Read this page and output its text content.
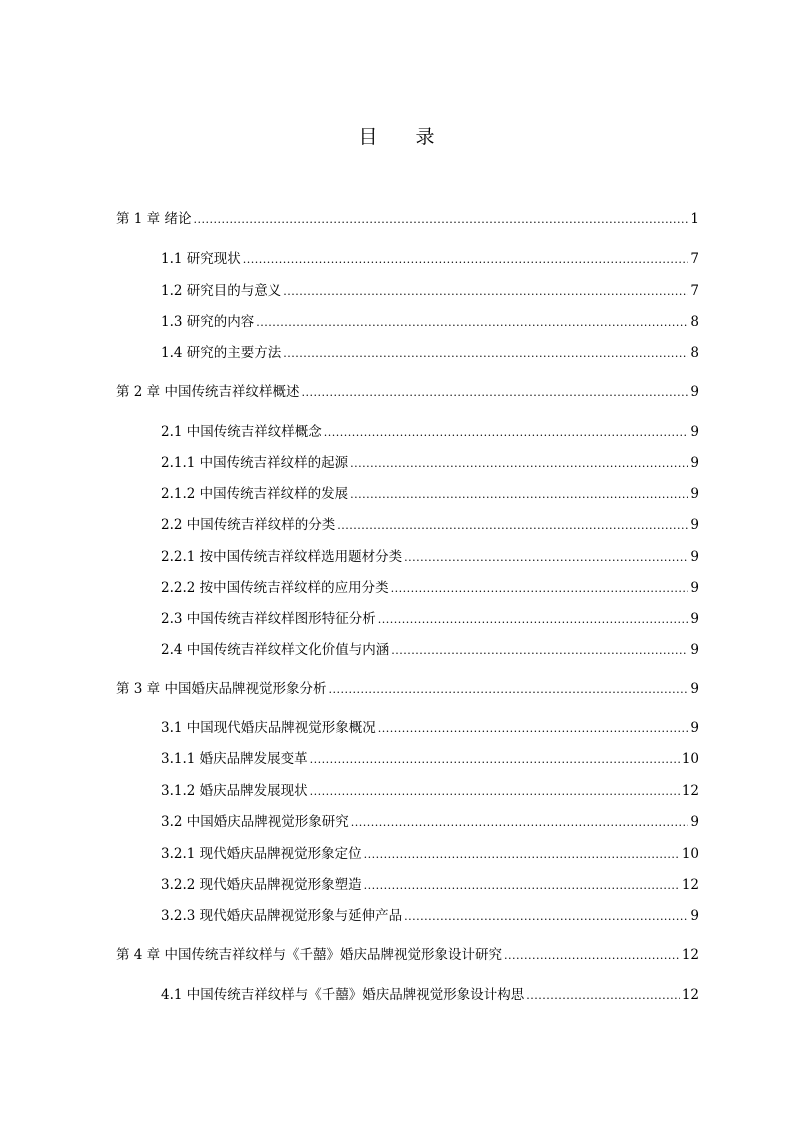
目 录
第 1 章 绪论 .....	1
1.1 研究现状 .....	7
1.2 研究目的与意义 .....	7
1.3 研究的内容 .....	8
1.4 研究的主要方法 .....	8
第 2 章 中国传统吉祥纹样概述 .....	9
2.1 中国传统吉祥纹样概念 .....	9
2.1.1 中国传统吉祥纹样的起源 .....	9
2.1.2 中国传统吉祥纹样的发展 .....	9
2.2 中国传统吉祥纹样的分类 .....	9
2.2.1 按中国传统吉祥纹样选用题材分类 .....	9
2.2.2 按中国传统吉祥纹样的应用分类 .....	9
2.3 中国传统吉祥纹样图形特征分析 .....	9
2.4 中国传统吉祥纹样文化价值与内涵 .....	9
第 3 章 中国婚庆品牌视觉形象分析 .....	9
3.1 中国现代婚庆品牌视觉形象概况 .....	9
3.1.1 婚庆品牌发展变革 .....	10
3.1.2 婚庆品牌发展现状 .....	12
3.2 中国婚庆品牌视觉形象研究 .....	9
3.2.1 现代婚庆品牌视觉形象定位 .....	10
3.2.2 现代婚庆品牌视觉形象塑造 .....	12
3.2.3 现代婚庆品牌视觉形象与延伸产品 .....	9
第 4 章 中国传统吉祥纹样与《千囍》婚庆品牌视觉形象设计研究 .....	12
4.1 中国传统吉祥纹样与《千囍》婚庆品牌视觉形象设计构思 .....	12
